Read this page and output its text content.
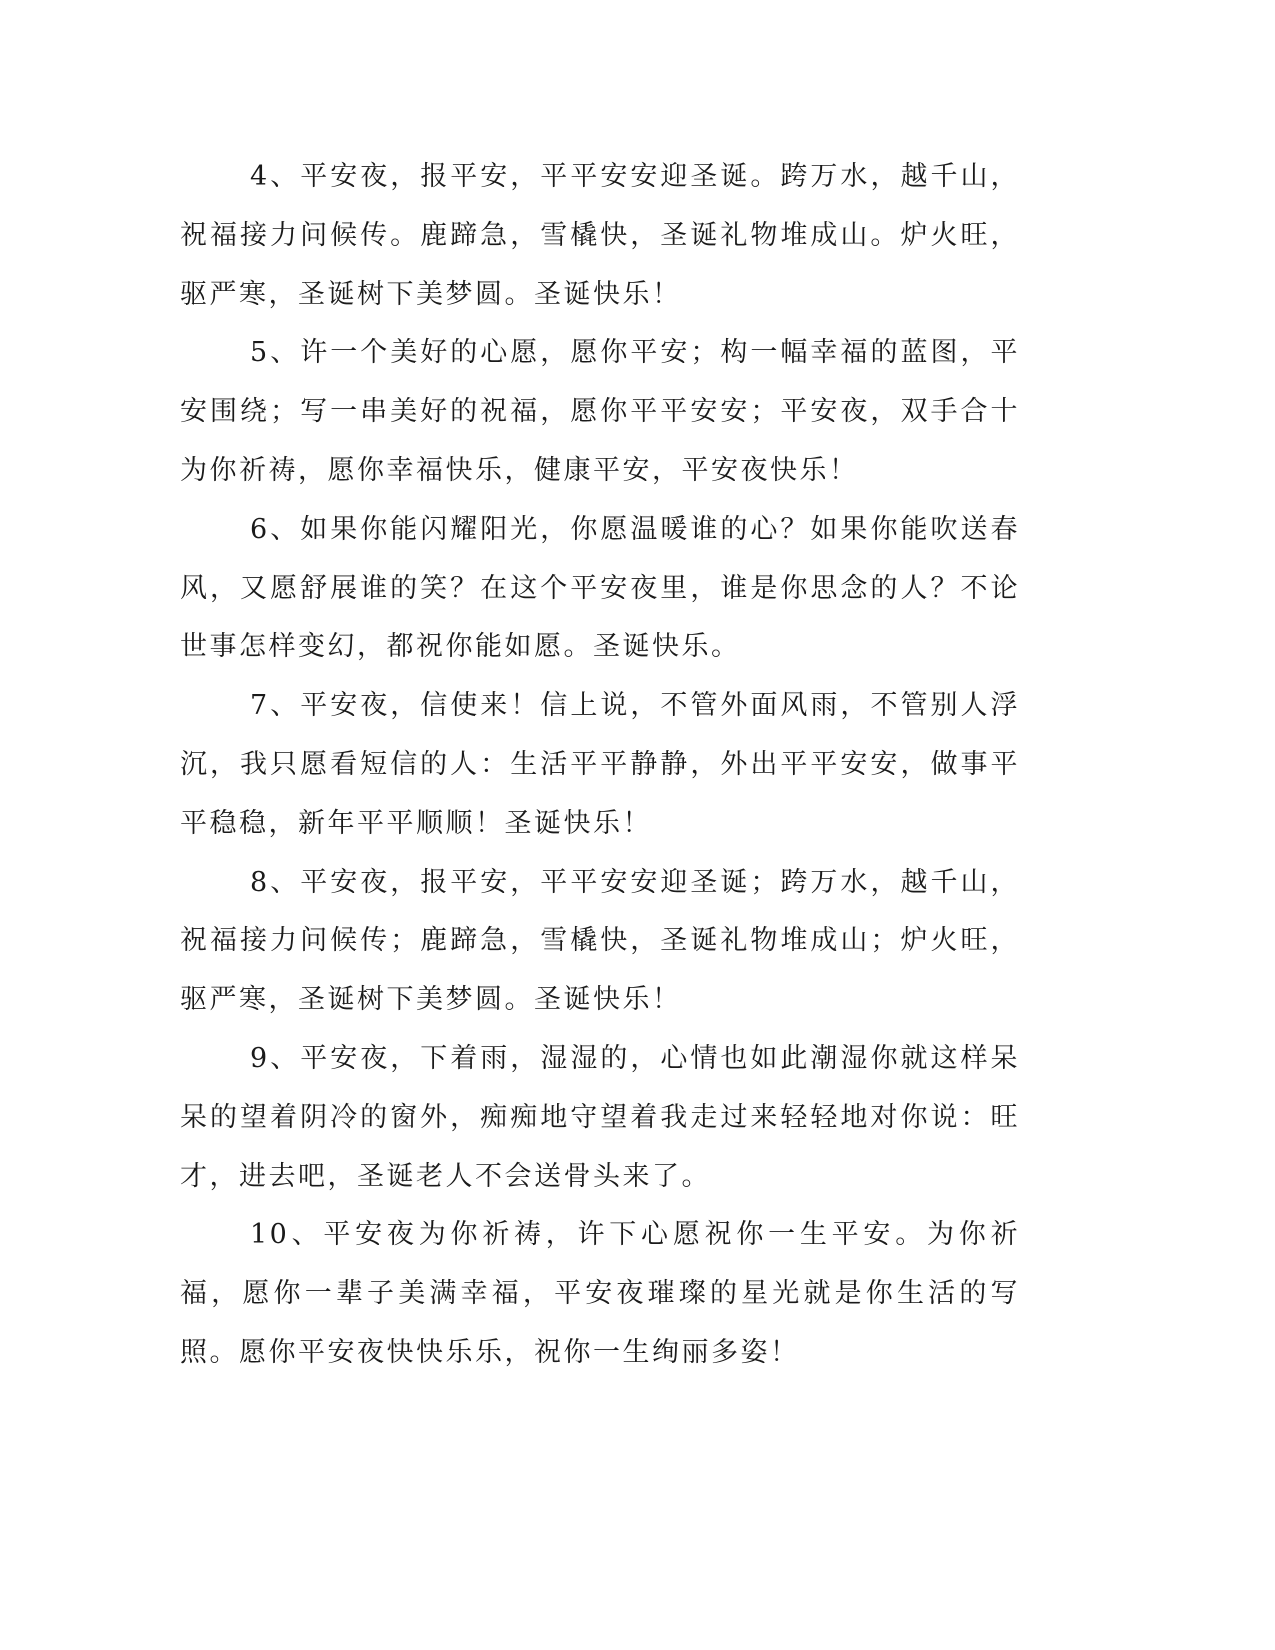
4、平安夜，报平安，平平安安迎圣诞。跨万水，越千山，祝福接力问候传。鹿蹄急，雪橇快，圣诞礼物堆成山。炉火旺，驱严寒，圣诞树下美梦圆。圣诞快乐！

5、许一个美好的心愿，愿你平安；构一幅幸福的蓝图，平安围绕；写一串美好的祝福，愿你平平安安；平安夜，双手合十为你祈祷，愿你幸福快乐，健康平安，平安夜快乐！

6、如果你能闪耀阳光，你愿温暖谁的心？如果你能吹送春风，又愿舒展谁的笑？在这个平安夜里，谁是你思念的人？不论世事怎样变幻，都祝你能如愿。圣诞快乐。

7、平安夜，信使来！信上说，不管外面风雨，不管别人浮沉，我只愿看短信的人：生活平平静静，外出平平安安，做事平平稳稳，新年平平顺顺！圣诞快乐！

8、平安夜，报平安，平平安安迎圣诞；跨万水，越千山，祝福接力问候传；鹿蹄急，雪橇快，圣诞礼物堆成山；炉火旺，驱严寒，圣诞树下美梦圆。圣诞快乐！

9、平安夜，下着雨，湿湿的，心情也如此潮湿你就这样呆呆的望着阴冷的窗外，痴痴地守望着我走过来轻轻地对你说：旺才，进去吧，圣诞老人不会送骨头来了。

10、平安夜为你祈祷，许下心愿祝你一生平安。为你祈福，愿你一辈子美满幸福，平安夜璀璨的星光就是你生活的写照。愿你平安夜快快乐乐，祝你一生绚丽多姿！
